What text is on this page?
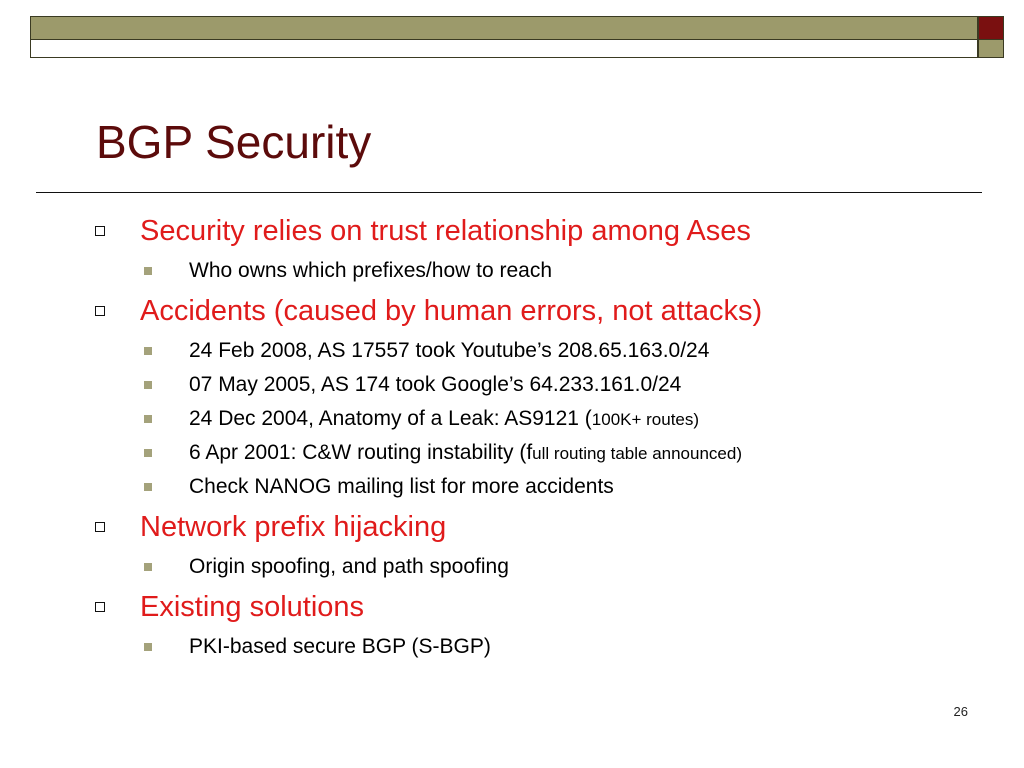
BGP Security
Security relies on trust relationship among Ases
Who owns which prefixes/how to reach
Accidents (caused by human errors, not attacks)
24 Feb 2008, AS 17557 took Youtube’s 208.65.163.0/24
07 May 2005, AS 174 took Google’s 64.233.161.0/24
24 Dec 2004, Anatomy of a Leak: AS9121 (100K+ routes)
6 Apr 2001: C&W routing instability (full routing table announced)
Check NANOG mailing list for more accidents
Network prefix hijacking
Origin spoofing, and path spoofing
Existing solutions
PKI-based secure BGP (S-BGP)
26
